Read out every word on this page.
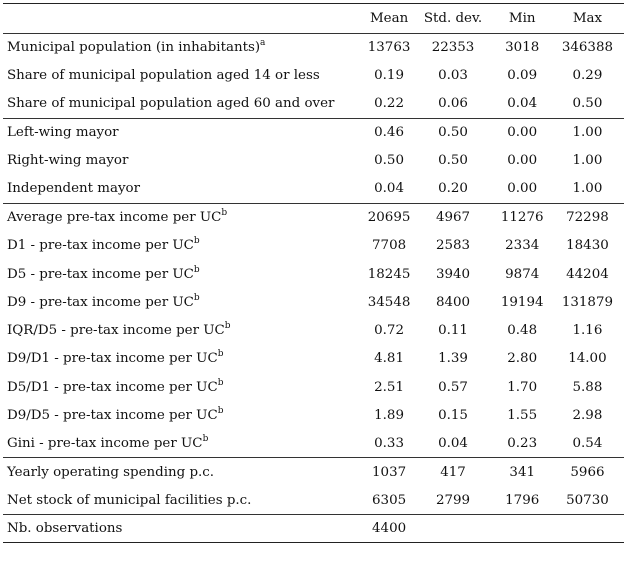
	Mean	Std. dev.	Min	Max
Municipal population (in inhabitants)$^a$	13763	22353	3018	346388
Share of municipal population aged 14 or less	0.19	0.03	0.09	0.29
Share of municipal population aged 60 and over	0.22	0.06	0.04	0.50
Left-wing mayor	0.46	0.50	0.00	1.00
Right-wing mayor	0.50	0.50	0.00	1.00
Independent mayor	0.04	0.20	0.00	1.00
Average pre-tax income per $UC^b$	20695	4967	11276	72298
D1 - pre-tax income per $UC^b$	7708	2583	2334	18430
D5 - pre-tax income per $UC^b$	18245	3940	9874	44204
D9 - pre-tax income per $UC^b$	34548	8400	19194	131879
IQR/D5 - pre-tax income per $UC^b$	0.72	0.11	0.48	1.16
D9/D1 - pre-tax income per $UC^b$	4.81	1.39	2.80	14.00
D5/D1 - pre-tax income per $UC^b$	2.51	0.57	1.70	5.88
D9/D5 - pre-tax income per $UC^b$	1.89	0.15	1.55	2.98
Gini - pre-tax income per $UC^b$	0.33	0.04	0.23	0.54
Yearly operating spending p.c.	1037	417	341	5966
Net stock of municipal facilities p.c.	6305	2799	1796	50730
Nb. observations	4400			
